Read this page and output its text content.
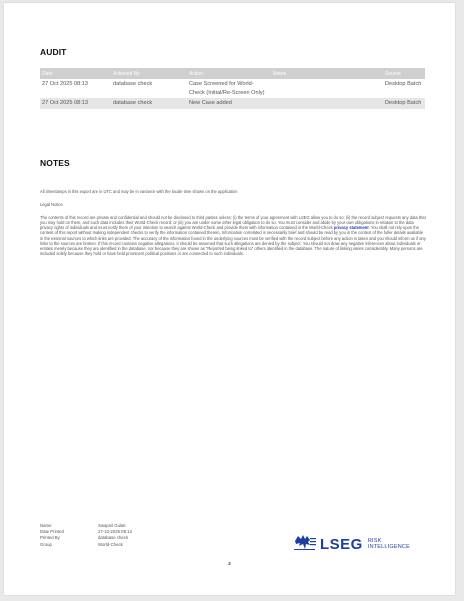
AUDIT
Date	Actioned By	Action	Notes	Source
27 Oct 2025 08:13	database check	Case Screened for World-Check (Initial/Re-Screen Only)		Desktop Batch
27 Oct 2025 08:13	database check	New Case added		Desktop Batch
NOTES

All timestamps in this export are in UTC and may be in variance with the locale time shown on the application

Legal Notice

The contents of this record are private and confidential and should not be disclosed to third parties unless: (i) the terms of your agreement with LSEG allow you to do so; (ii) the record subject requests any data that you may hold on them, and such data includes their World-Check record; or (iii) you are under some other legal obligation to do so. You must consider and abide by your own obligations in relation to the data privacy rights of individuals and must notify them of your intention to search against World-Check and provide them with information contained in the World-Check privacy statement. You shall not rely upon the content of this report without making independent checks to verify the information contained therein. Information correlated is necessarily brief and should be read by you in the context of the fuller details available in the external sources to which links are provided. The accuracy of the information found in the underlying sources must be verified with the record subject before any action is taken and you should inform us if any links to the sources are broken. If this record contains negative allegations, it should be assumed that such allegations are denied by the subject. You should not draw any negative inferences about individuals or entities merely because they are identified in the database, nor because they are shown as "Reported being linked to" others identified in the database. The nature of linking varies considerably. Many persons are included solely because they hold or have held prominent political positions or are connected to such individuals.

Name	Swapnil Gulati
Date Printed	27-10-2025 08:13
Printed By	database check
Group	World-Check
2
LSEG RISK
INTELLIGENCE
